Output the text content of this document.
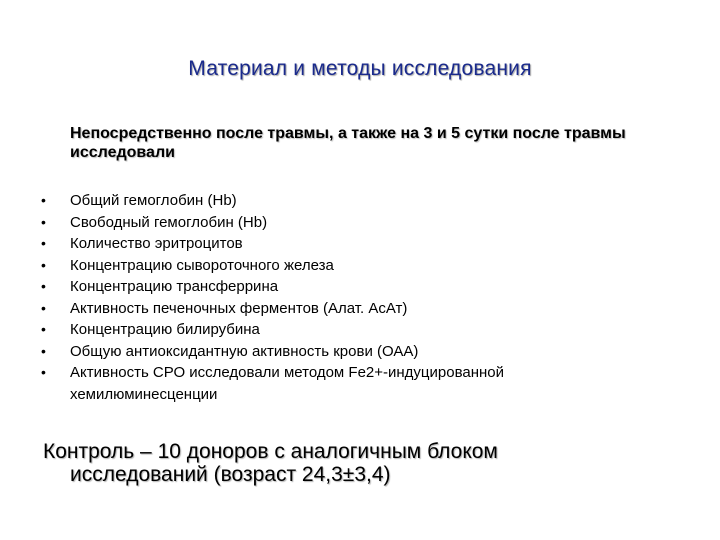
Материал и методы исследования
Непосредственно после травмы, а также на 3 и 5 сутки после травмы исследовали
•	Общий гемоглобин (Hb)
•	Свободный гемоглобин (Hb)
•	Количество эритроцитов
•	Концентрацию сывороточного железа
•	Концентрацию трансферрина
•	Активность печеночных ферментов (Алат. АсАт)
•	Концентрацию билирубина
•	Общую антиоксидантную активность крови (ОАА)
•	Активность СРО исследовали методом Fe2+-индуцированной хемилюминесценции
Контроль – 10 доноров с аналогичным блоком
исследований (возраст 24,3±3,4)
